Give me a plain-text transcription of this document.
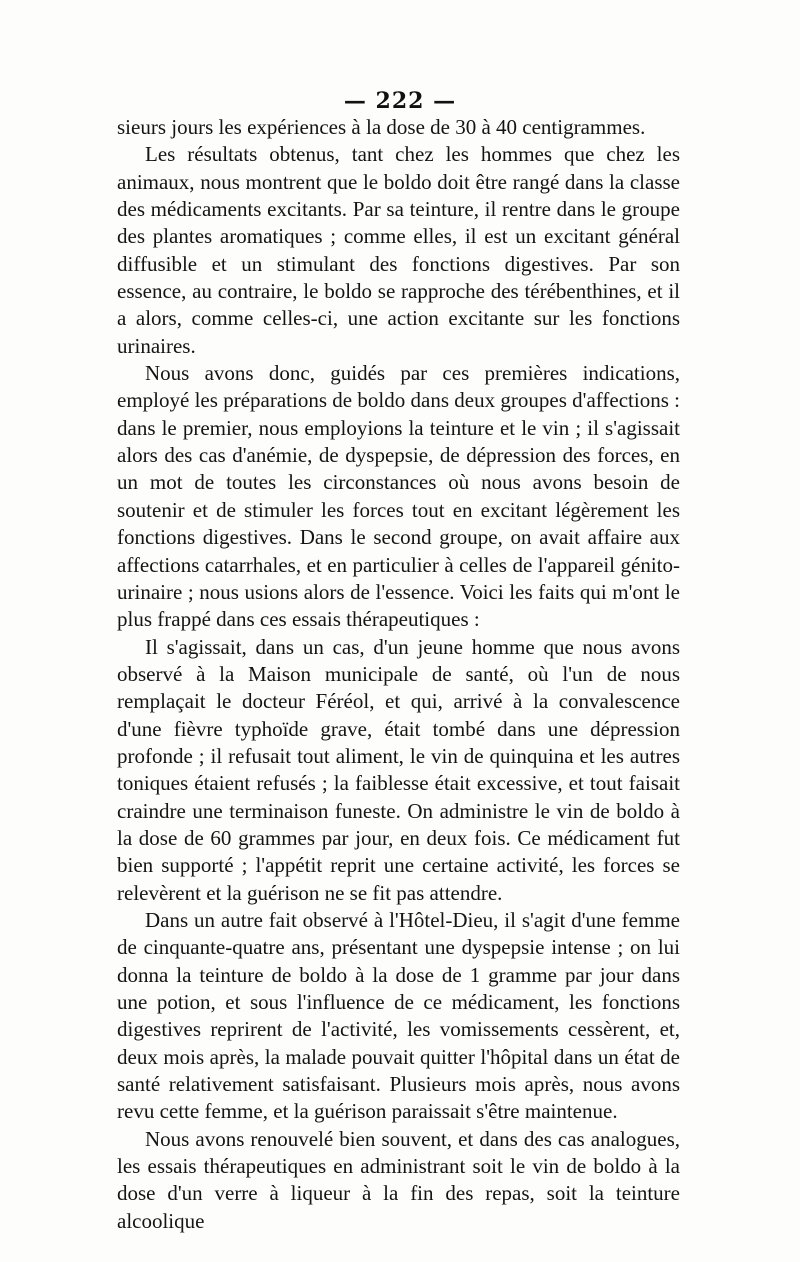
— 222 —

sieurs jours les expériences à la dose de 30 à 40 centigrammes.

Les résultats obtenus, tant chez les hommes que chez les animaux, nous montrent que le boldo doit être rangé dans la classe des médicaments excitants. Par sa teinture, il rentre dans le groupe des plantes aromatiques ; comme elles, il est un excitant général diffusible et un stimulant des fonctions digestives. Par son essence, au contraire, le boldo se rapproche des térébenthines, et il a alors, comme celles-ci, une action excitante sur les fonctions urinaires.

Nous avons donc, guidés par ces premières indications, employé les préparations de boldo dans deux groupes d'affections : dans le premier, nous employions la teinture et le vin ; il s'agissait alors des cas d'anémie, de dyspepsie, de dépression des forces, en un mot de toutes les circonstances où nous avons besoin de soutenir et de stimuler les forces tout en excitant légèrement les fonctions digestives. Dans le second groupe, on avait affaire aux affections catarrhales, et en particulier à celles de l'appareil génito-urinaire ; nous usions alors de l'essence. Voici les faits qui m'ont le plus frappé dans ces essais thérapeutiques :

Il s'agissait, dans un cas, d'un jeune homme que nous avons observé à la Maison municipale de santé, où l'un de nous remplaçait le docteur Féréol, et qui, arrivé à la convalescence d'une fièvre typhoïde grave, était tombé dans une dépression profonde ; il refusait tout aliment, le vin de quinquina et les autres toniques étaient refusés ; la faiblesse était excessive, et tout faisait craindre une terminaison funeste. On administre le vin de boldo à la dose de 60 grammes par jour, en deux fois. Ce médicament fut bien supporté ; l'appétit reprit une certaine activité, les forces se relevèrent et la guérison ne se fit pas attendre.

Dans un autre fait observé à l'Hôtel-Dieu, il s'agit d'une femme de cinquante-quatre ans, présentant une dyspepsie intense ; on lui donna la teinture de boldo à la dose de 1 gramme par jour dans une potion, et sous l'influence de ce médicament, les fonctions digestives reprirent de l'activité, les vomissements cessèrent, et, deux mois après, la malade pouvait quitter l'hôpital dans un état de santé relativement satisfaisant. Plusieurs mois après, nous avons revu cette femme, et la guérison paraissait s'être maintenue.

Nous avons renouvelé bien souvent, et dans des cas analogues, les essais thérapeutiques en administrant soit le vin de boldo à la dose d'un verre à liqueur à la fin des repas, soit la teinture alcoolique
